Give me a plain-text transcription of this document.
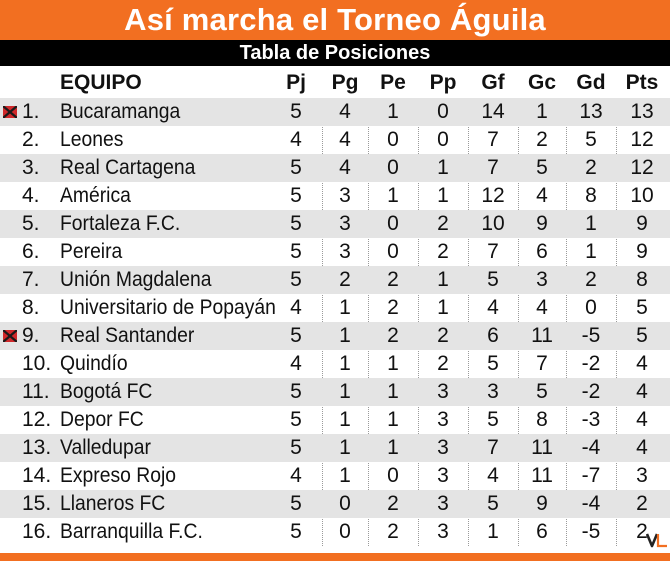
Así marcha el Torneo Águila
Tabla de Posiciones
EQUIPO	Pj	Pg	Pe	Pp	Gf	Gc Gd Pts
1. Bucaramanga	5	4	1	0	14	1	13	13
2. Leones	4	4	0	0	7	2	5	12
3. Real Cartagena	5	4	0	1	7	5	2	12
4. América	5	3	1	1	12	4	8	10
5. Fortaleza F.C.	5	3	0	2	10	9	1	9
6. Pereira	5	3	0	2	7	6	1	9
7. Unión Magdalena	5	2	2	1	5	3	2	8
8. Universitario de Popayán 4	1	2	1	4	4	0	5
9. Real Santander	5	1	2	2	6	11	-5	5
10. Quindío	4	1	1	2	5	7	-2	4
11. Bogotá FC	5	1	1	3	3	5	-2	4
12. Depor FC	5	1	1	3	5	8	-3	4
13. Valledupar	5	1	1	3	7	11	-4	4
14. Expreso Rojo	4	1	0	3	4	11	-7	3
15. Llaneros FC	5	0	2	3	5	9	-4	2
16. Barranquilla F.C.	5	0	2	3	1	6	-5	2
